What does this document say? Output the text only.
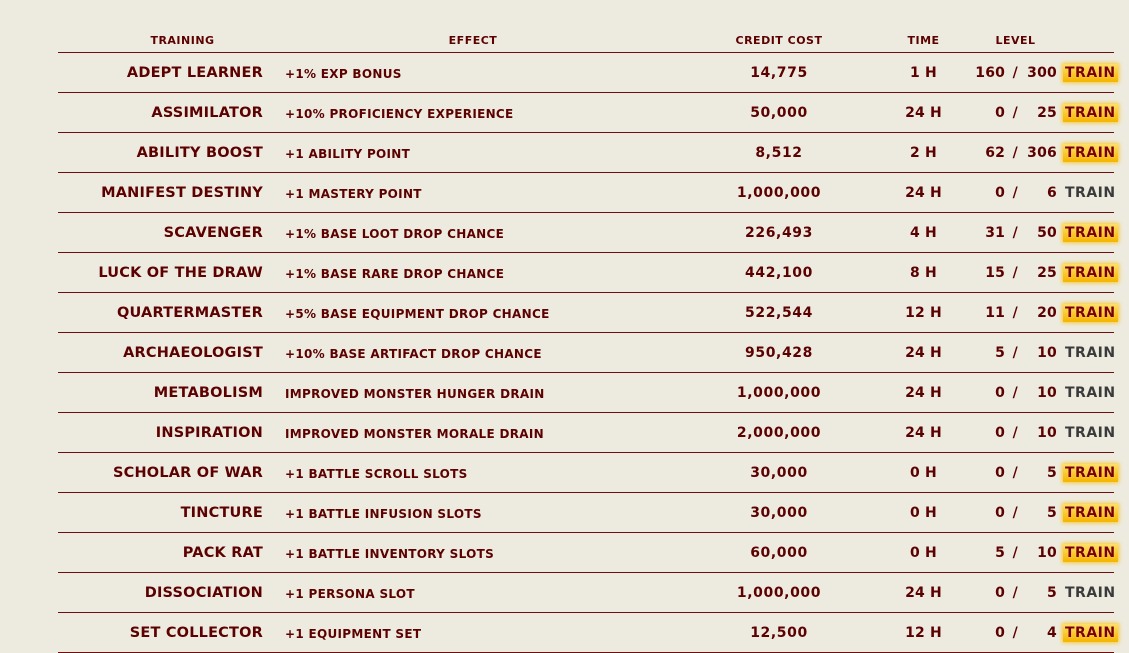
TRAINING	EFFECT	CREDIT COST	TIME	LEVEL
ADEPT LEARNER	+1% EXP BONUS	14,775	1 H	160 / 300 TRAIN
ASSIMILATOR	+10% PROFICIENCY EXPERIENCE	50,000	24 H	0 /	25 TRAIN
ABILITY BOOST	+1 ABILITY POINT	8,512	2 H	62 / 306 TRAIN
MANIFEST DESTINY	+1 MASTERY POINT	1,000,000	24 H	0 /	6 TRAIN
SCAVENGER	+1% BASE LOOT DROP CHANCE	226,493	4 H	31 /	50 TRAIN
LUCK OF THE DRAW	+1% BASE RARE DROP CHANCE	442,100	8 H	15 /	25 TRAIN
QUARTERMASTER	+5% BASE EQUIPMENT DROP CHANCE	522,544	12 H	11 /	20 TRAIN
ARCHAEOLOGIST	+10% BASE ARTIFACT DROP CHANCE	950,428	24 H	5 /	10 TRAIN
METABOLISM	IMPROVED MONSTER HUNGER DRAIN	1,000,000	24 H	0 /	10 TRAIN
INSPIRATION	IMPROVED MONSTER MORALE DRAIN	2,000,000	24 H	0 /	10 TRAIN
SCHOLAR OF WAR	+1 BATTLE SCROLL SLOTS	30,000	0 H	0 /	5 TRAIN
TINCTURE	+1 BATTLE INFUSION SLOTS	30,000	0 H	0 /	5 TRAIN
PACK RAT	+1 BATTLE INVENTORY SLOTS	60,000	0 H	5 /	10 TRAIN
DISSOCIATION	+1 PERSONA SLOT	1,000,000	24 H	0 /	5 TRAIN
SET COLLECTOR	+1 EQUIPMENT SET	12,500	12 H	0 /	4 TRAIN
